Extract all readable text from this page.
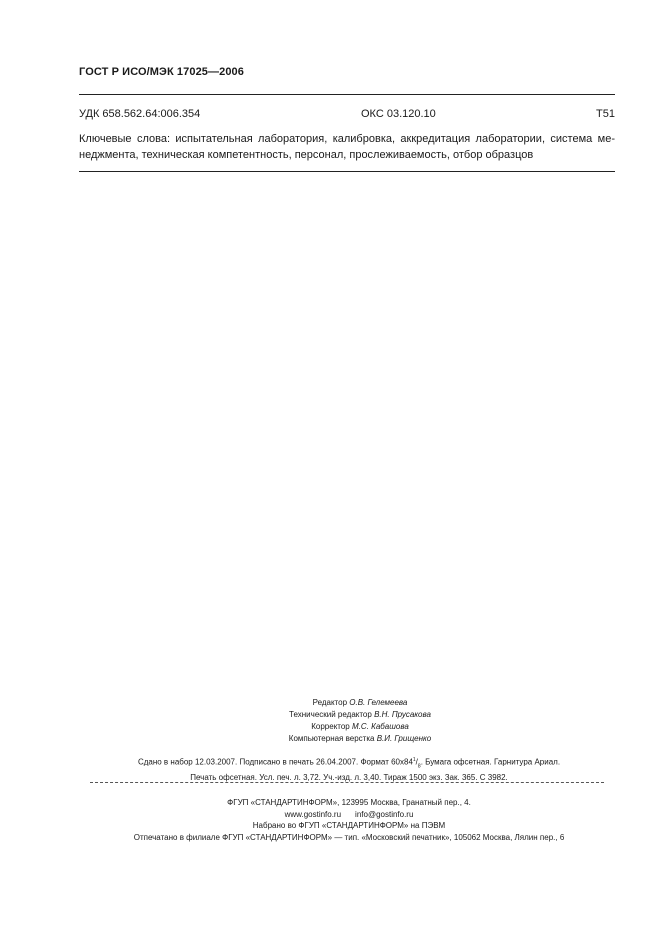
ГОСТ Р ИСО/МЭК 17025—2006
УДК 658.562.64:006.354	ОКС 03.120.10	Т51
Ключевые слова: испытательная лаборатория, калибровка, аккредитация лаборатории, система ме-
неджмента, техническая компетентность, персонал, прослеживаемость, отбор образцов
Редактор О.В. Гелемеева
Технический редактор В.Н. Прусакова
Корректор М.С. Кабашова
Компьютерная верстка В.И. Грищенко
Сдано в набор 12.03.2007. Подписано в печать 26.04.2007. Формат $60х84^1/_8$. Бумага офсетная. Гарнитура Ариал.
Печать офсетная. Усл. печ. л. 3,72. Уч.-изд. л. 3,40. Тираж 1500 экз. Зак. 365. С 3982.
ФГУП «СТАНДАРТИНФОРМ», 123995 Москва, Гранатный пер., 4.
www.gostinfo.ru info@gostinfo.ru
Набрано во ФГУП «СТАНДАРТИНФОРМ» на ПЭВМ
Отпечатано в филиале ФГУП «СТАНДАРТИНФОРМ» — тип. «Московский печатник», 105062 Москва, Лялин пер., 6
